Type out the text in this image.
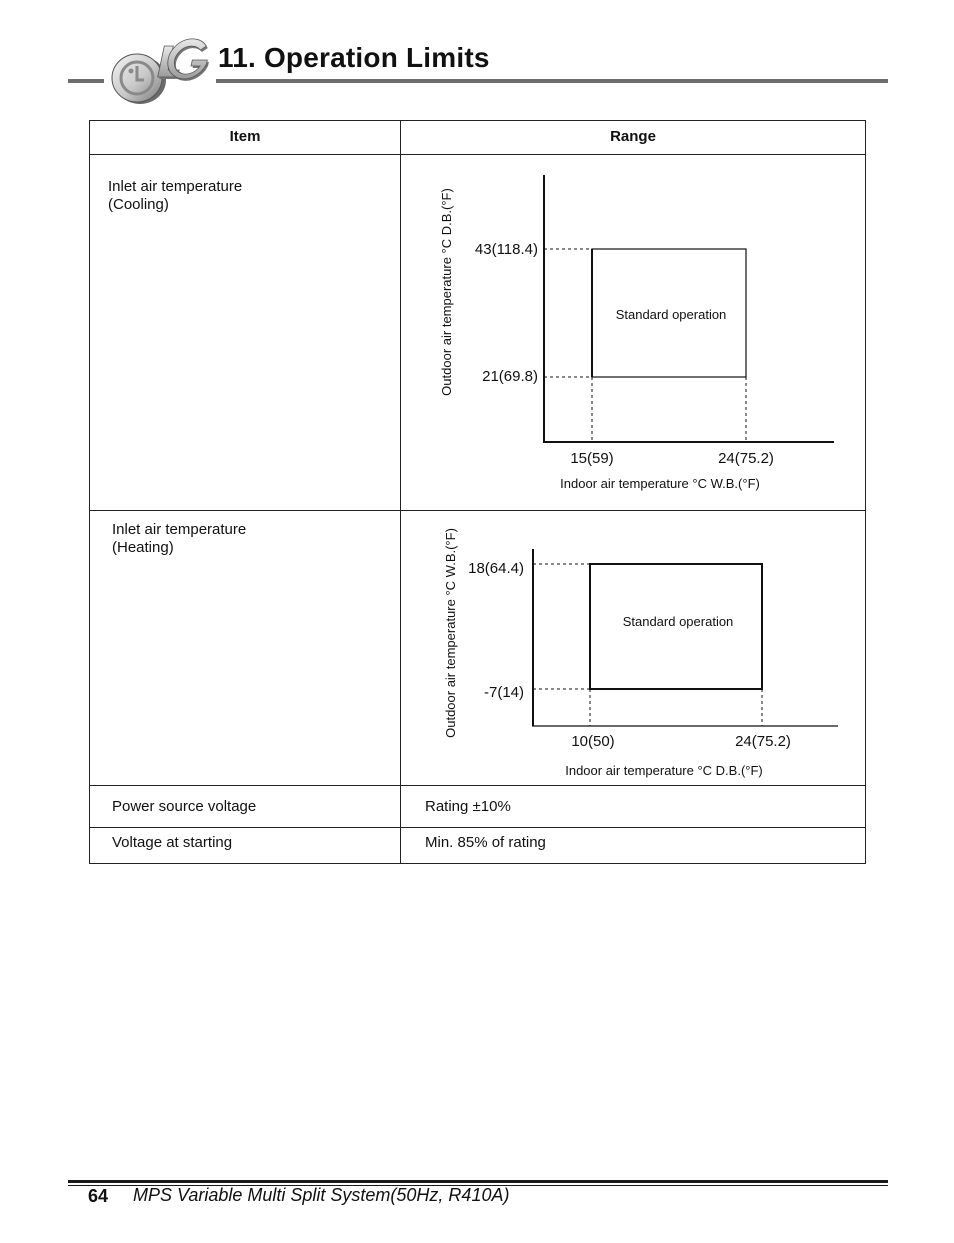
11. Operation Limits
Item	Range
Inlet air temperature
(Cooling)
Standard operation
43(118.4)
21(69.8)
15(59)	24(75.2)
Indoor air temperature °C W.B.(°F)
Outdoor air temperature °C D.B.(°F)
Inlet air temperature
(Heating)
Standard operation
18(64.4)
-7(14)
10(50)	24(75.2)
Indoor air temperature °C D.B.(°F)
Outdoor air temperature °C W.B.(°F)
Power source voltage	Rating ±10%
Voltage at starting	Min. 85% of rating
64 MPS Variable Multi Split System(50Hz, R410A)
